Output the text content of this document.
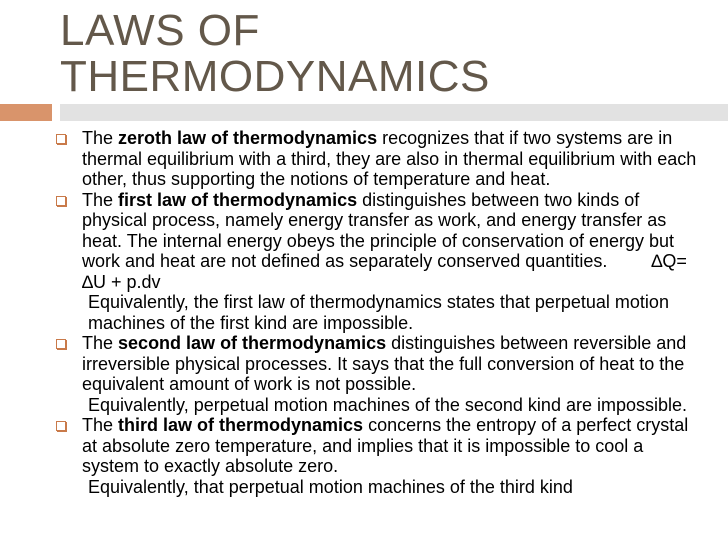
LAWS OF
THERMODYNAMICS
The zeroth law of thermodynamics recognizes that if two systems are in thermal equilibrium with a third, they are also in thermal equilibrium with each other, thus supporting the notions of temperature and heat.
The first law of thermodynamics distinguishes between two kinds of physical process, namely energy transfer as work, and energy transfer as heat. The internal energy obeys the principle of conservation of energy but work and heat are not defined as separately conserved quantities. ∆Q= ∆U + p.dv
Equivalently, the first law of thermodynamics states that perpetual motion machines of the first kind are impossible.
The second law of thermodynamics distinguishes between reversible and irreversible physical processes. It says that the full conversion of heat to the equivalent amount of work is not possible.
Equivalently, perpetual motion machines of the second kind are impossible.
The third law of thermodynamics concerns the entropy of a perfect crystal at absolute zero temperature, and implies that it is impossible to cool a system to exactly absolute zero.
Equivalently, that perpetual motion machines of the third kind
